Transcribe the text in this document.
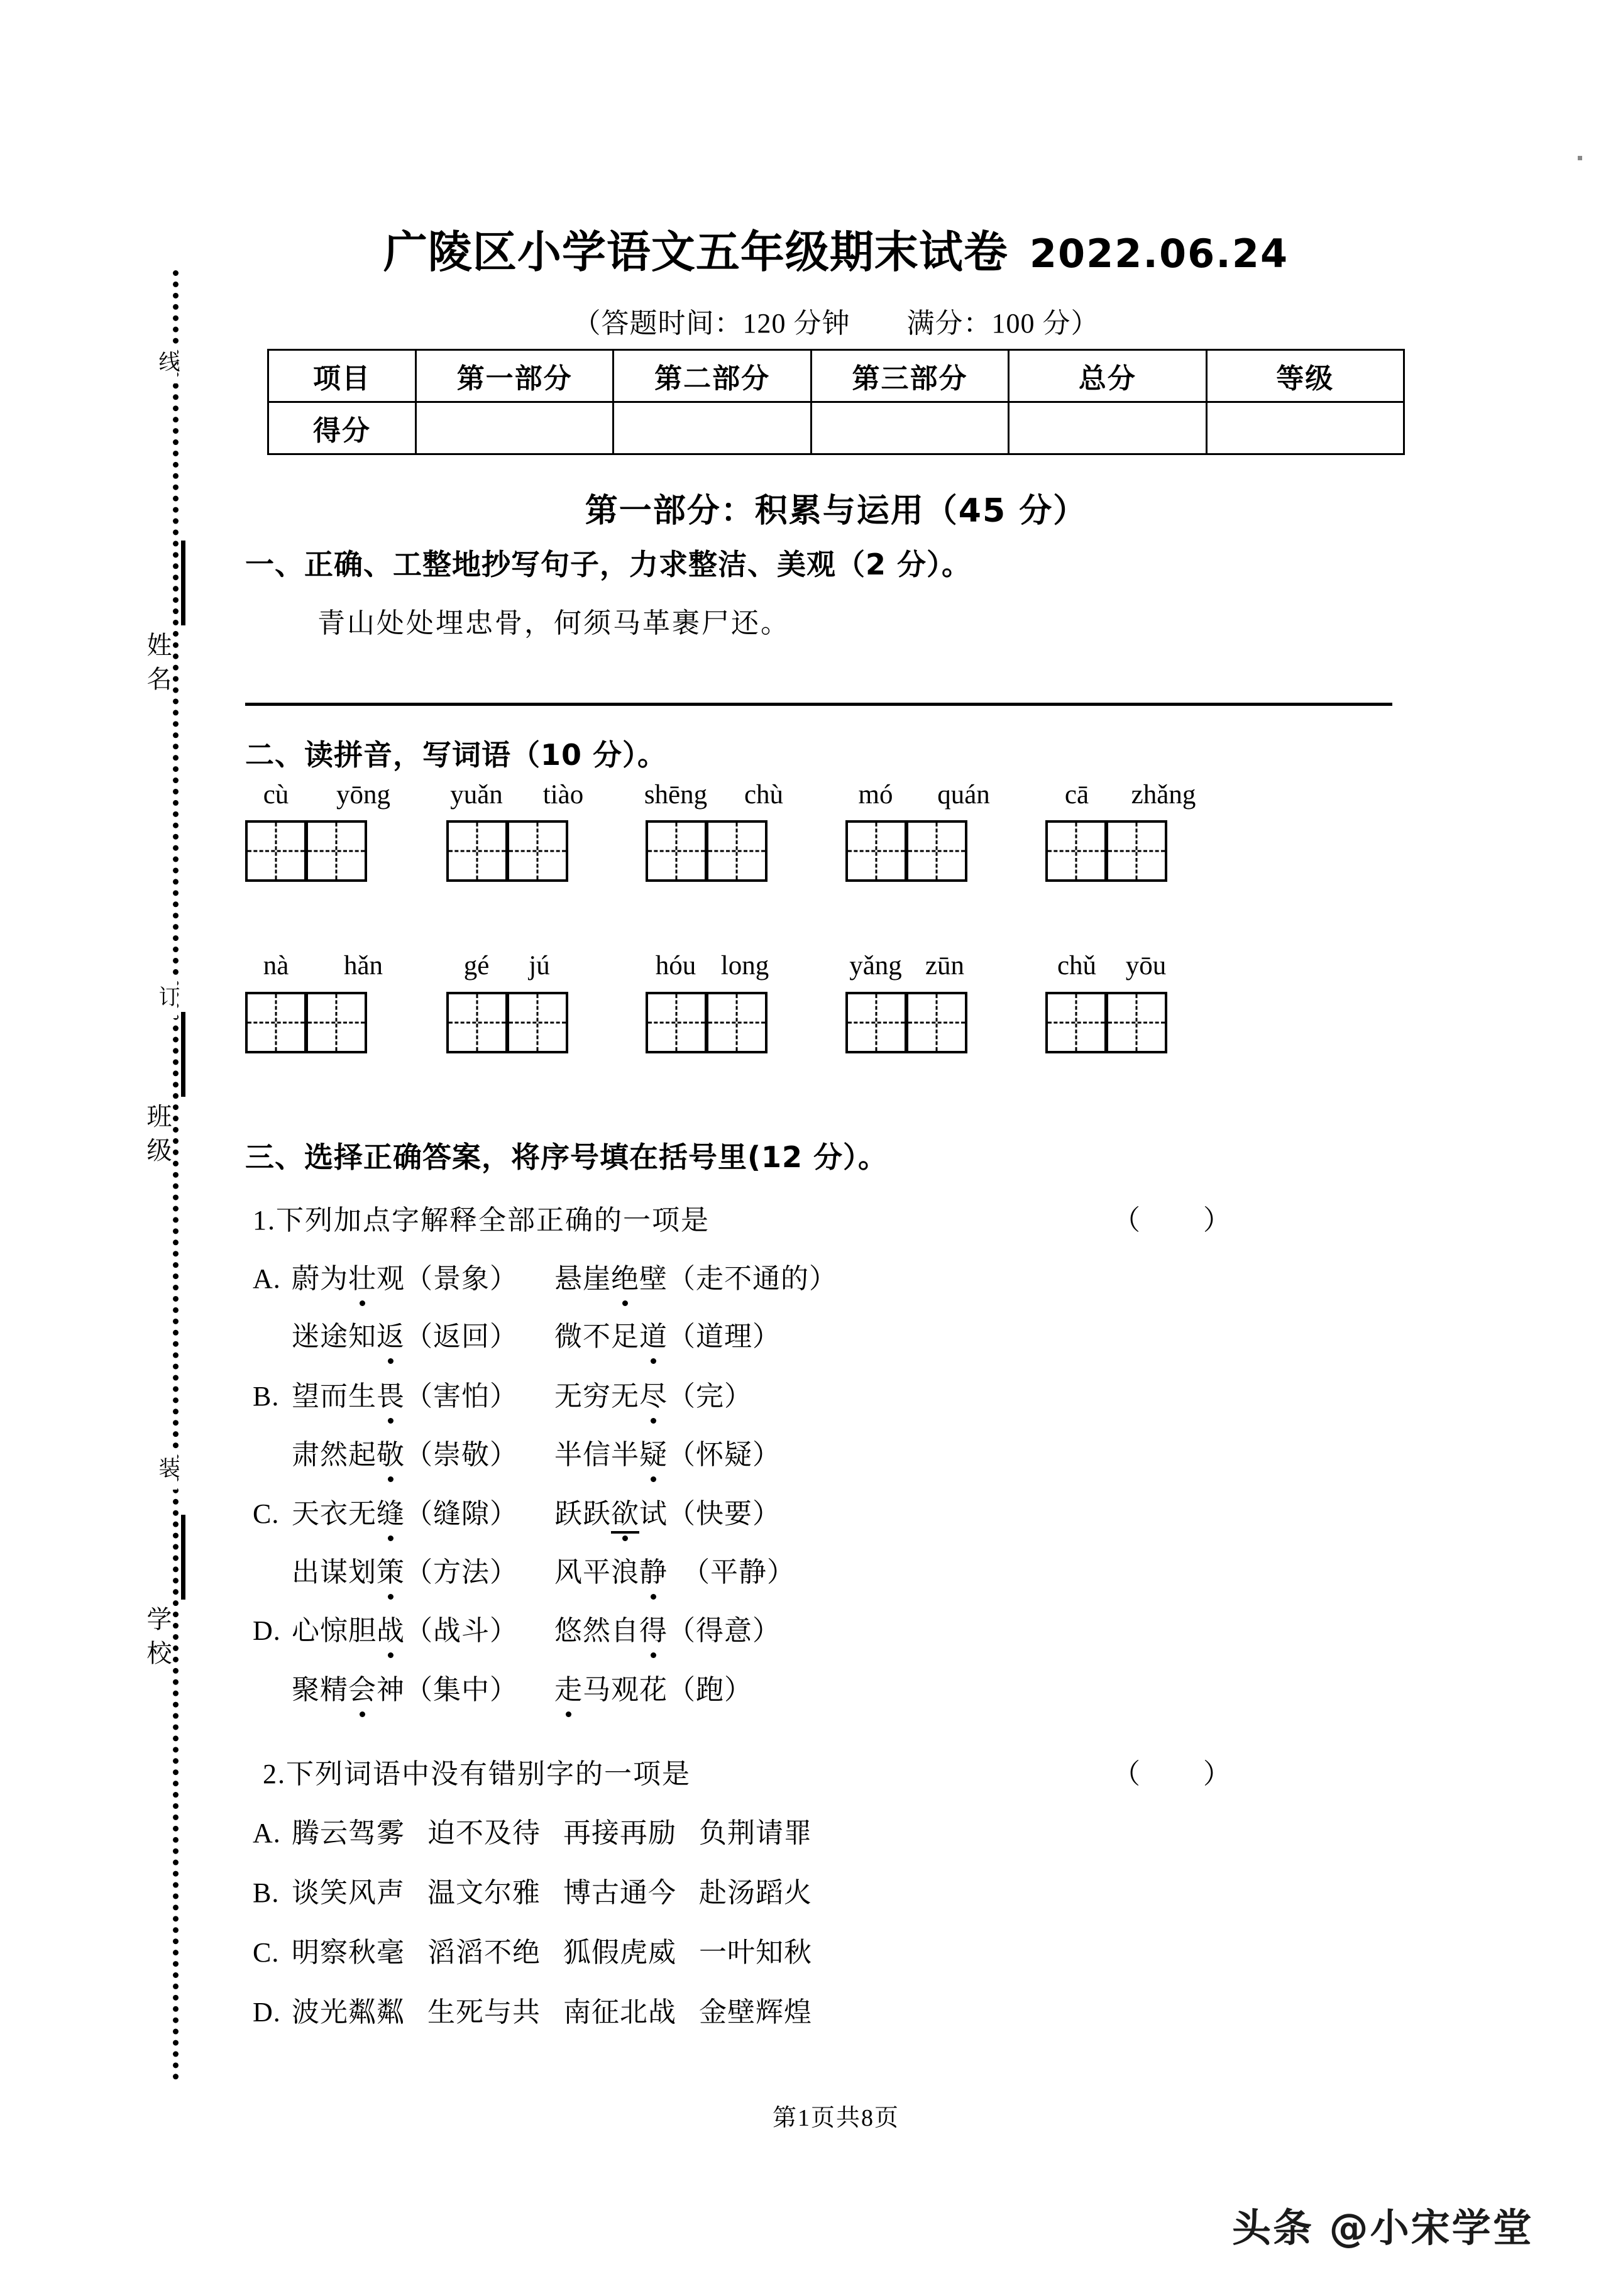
线
订
装
姓名
班级
学校
广陵区小学语文五年级期末试卷 2022.06.24
（答题时间：120 分钟　　满分：100 分）
项目	第一部分	第二部分	第三部分	总分	等级
得分					
第一部分：积累与运用（45 分）
一、正确、工整地抄写句子，力求整洁、美观（2 分）。
青山处处埋忠骨，何须马革裹尸还。
二、读拼音，写词语（10 分）。
cù	yōng yuǎn	tiào	shēng	chù	mó	quán	cā	zhǎng
nà	hǎn	gé	jú	hóu long	yǎng zūn	chǔ	yōu
三、选择正确答案，将序号填在括号里(12 分）。
1.下列加点字解释全部正确的一项是	（　　）
A. 蔚为壮观（景象） 悬崖绝壁（走不通的）
迷途知返（返回） 微不足道（道理）
B. 望而生畏（害怕） 无穷无尽（完）
肃然起敬（崇敬） 半信半疑（怀疑）
C. 天衣无缝（缝隙） 跃跃欲试（快要）
出谋划策（方法） 风平浪静　（平静）
D. 心惊胆战（战斗） 悠然自得（得意）
聚精会神（集中） 走马观花（跑）
2.下列词语中没有错别字的一项是	（　　）
A. 腾云驾雾 迫不及待 再接再励 负荆请罪
B. 谈笑风声 温文尔雅 博古通今 赴汤蹈火
C. 明察秋毫 滔滔不绝 狐假虎威 一叶知秋
D. 波光粼粼 生死与共 南征北战 金壁辉煌
第1页共8页
头条 @小宋学堂
